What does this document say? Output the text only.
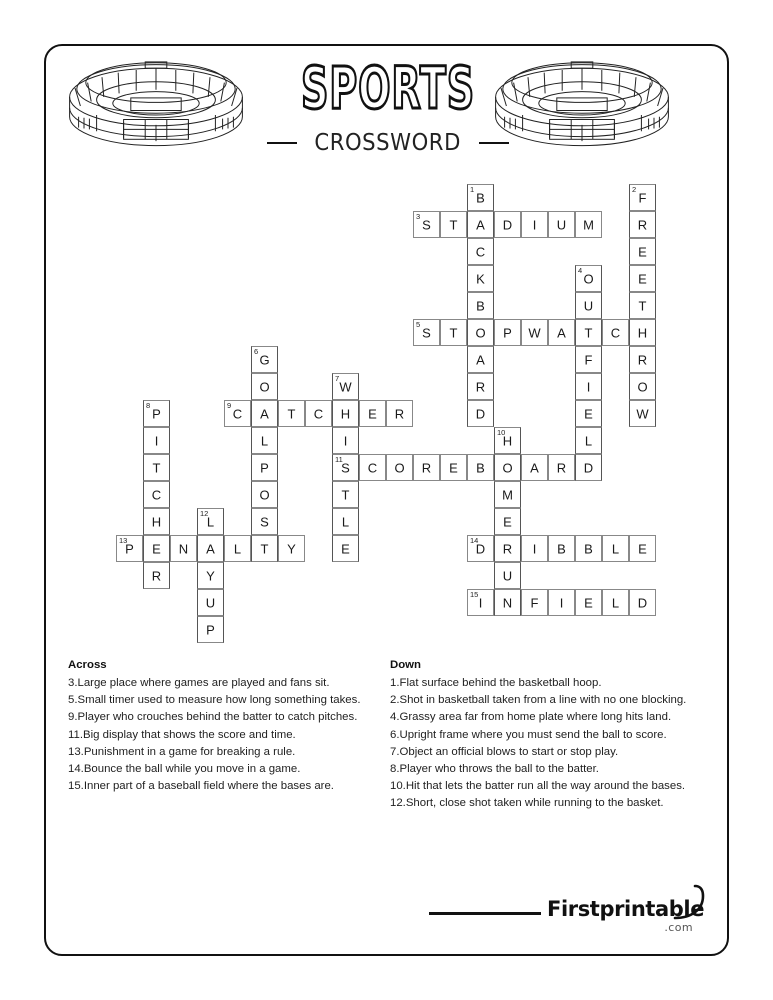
SPORTS
CROSSWORD
1
B
2
F
3
S	T	A	D	I	U	M	R
C	E
K
4
O	E
B	U	T
5
S	T	O	P	W	A	T	C	H
6
G	A	F	R
O
7
W	R	I	O
8
P
9
C	A	T	C	H	E	R	D	E	W
I	L	I
10
H	L
T	P
11
S	C	O	R	E	B	O	A	R	D
C	O	T	M
H
12
L	S	L	E
13
P	E	N	A	L	T	Y	E
14
D	R	I	B	B	L	E
R	Y	U
U
15
I	N	F	I	E	L	D
P

Across

3.Large place where games are played and fans sit.

5.Small timer used to measure how long something takes.

9.Player who crouches behind the batter to catch pitches.

11.Big display that shows the score and time.

13.Punishment in a game for breaking a rule.

14.Bounce the ball while you move in a game.

15.Inner part of a baseball field where the bases are.

Down

1.Flat surface behind the basketball hoop.

2.Shot in basketball taken from a line with no one blocking.

4.Grassy area far from home plate where long hits land.

6.Upright frame where you must send the ball to score.

7.Object an official blows to start or stop play.

8.Player who throws the ball to the batter.

10.Hit that lets the batter run all the way around the bases.

12.Short, close shot taken while running to the basket.

Firstprintable
.com
